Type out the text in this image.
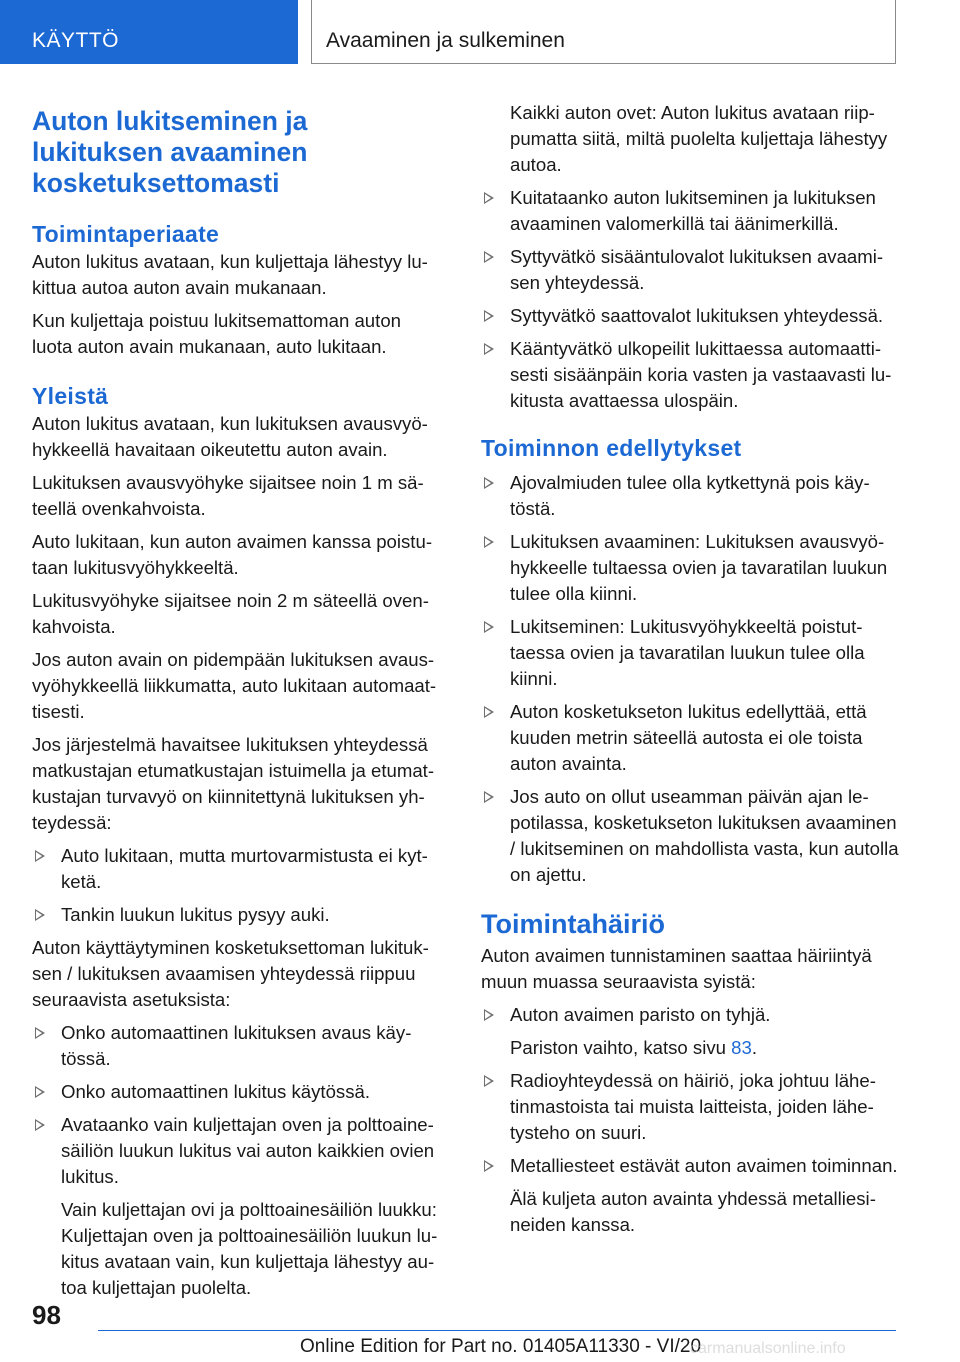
KÄYTTÖ	Avaaminen ja sulkeminen
Auton lukitseminen ja lukituksen avaaminen kosketuksettomasti
Toimintaperiaate

Auton lukitus avataan, kun kuljettaja lähestyy lukittua autoa auton avain mukanaan.

Kun kuljettaja poistuu lukitsemattoman auton luota auton avain mukanaan, auto lukitaan.

Yleistä

Auton lukitus avataan, kun lukituksen avausvyöhykkeellä havaitaan oikeutettu auton avain.

Lukituksen avausvyöhyke sijaitsee noin 1 m säteellä ovenkahvoista.

Auto lukitaan, kun auton avaimen kanssa poistutaan lukitusvyöhykkeeltä.

Lukitusvyöhyke sijaitsee noin 2 m säteellä ovenkahvoista.

Jos auton avain on pidempään lukituksen avausvyöhykkeellä liikkumatta, auto lukitaan automaattisesti.

Jos järjestelmä havaitsee lukituksen yhteydessä matkustajan etumatkustajan istuimella ja etumatkustajan turvavyö on kiinnitettynä lukituksen yhteydessä:

Auto lukitaan, mutta murtovarmistusta ei kytketä.
Tankin luukun lukitus pysyy auki.

Auton käyttäytyminen kosketuksettoman lukituksen / lukituksen avaamisen yhteydessä riippuu seuraavista asetuksista:

Onko automaattinen lukituksen avaus käytössä.
Onko automaattinen lukitus käytössä.
Avataanko vain kuljettajan oven ja polttoainesäiliön luukun lukitus vai auton kaikkien ovien lukitus.
Vain kuljettajan ovi ja polttoainesäiliön luukku: Kuljettajan oven ja polttoainesäiliön luukun lukitus avataan vain, kun kuljettaja lähestyy autoa kuljettajan puolelta.

Kaikki auton ovet: Auton lukitus avataan riippumatta siitä, miltä puolelta kuljettaja lähestyy autoa.

Kuitataanko auton lukitseminen ja lukituksen avaaminen valomerkillä tai äänimerkillä.
Syttyvätkö sisääntulovalot lukituksen avaamisen yhteydessä.
Syttyvätkö saattovalot lukituksen yhteydessä.
Kääntyvätkö ulkopeilit lukittaessa automaattisesti sisäänpäin koria vasten ja vastaavasti lukitusta avattaessa ulospäin.
Toiminnon edellytykset
Ajovalmiuden tulee olla kytkettynä pois käytöstä.
Lukituksen avaaminen: Lukituksen avausvyöhykkeelle tultaessa ovien ja tavaratilan luukun tulee olla kiinni.
Lukitseminen: Lukitusvyöhykkeeltä poistuttaessa ovien ja tavaratilan luukun tulee olla kiinni.
Auton kosketukseton lukitus edellyttää, että kuuden metrin säteellä autosta ei ole toista auton avainta.
Jos auto on ollut useamman päivän ajan lepotilassa, kosketukseton lukituksen avaaminen / lukitseminen on mahdollista vasta, kun autolla on ajettu.
Toimintahäiriö

Auton avaimen tunnistaminen saattaa häiriintyä muun muassa seuraavista syistä:

Auton avaimen paristo on tyhjä.
Pariston vaihto, katso sivu 83.
Radioyhteydessä on häiriö, joka johtuu lähetinmastoista tai muista laitteista, joiden lähetysteho on suuri.
Metalliesteet estävät auton avaimen toiminnan.
Älä kuljeta auton avainta yhdessä metalliesineiden kanssa.
98
Online Edition for Part no. 01405A11330 - VI/20
carmanualsonline.info
